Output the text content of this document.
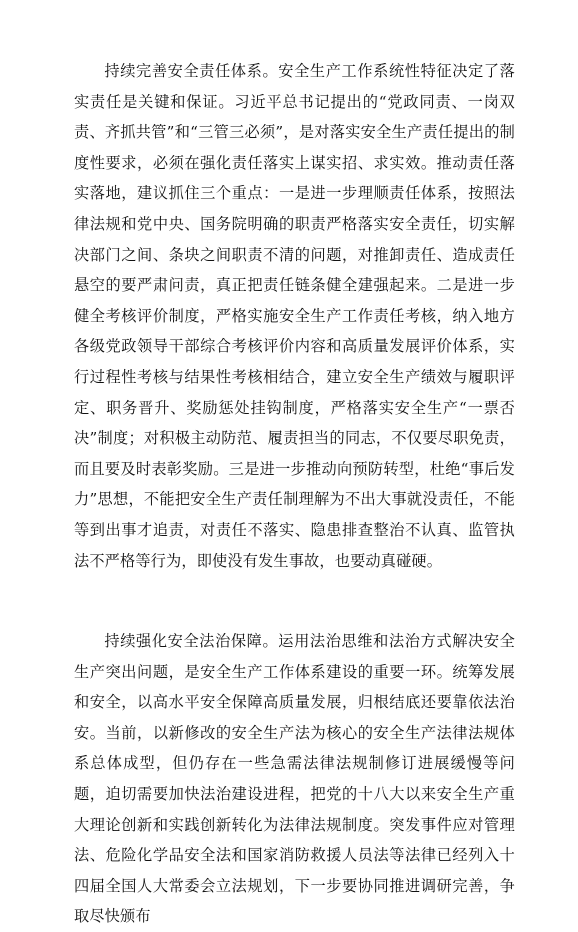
持续完善安全责任体系。安全生产工作系统性特征决定了落实责任是关键和保证。习近平总书记提出的“党政同责、一岗双责、齐抓共管”和“三管三必须”，是对落实安全生产责任提出的制度性要求，必须在强化责任落实上谋实招、求实效。推动责任落实落地，建议抓住三个重点：一是进一步理顺责任体系，按照法律法规和党中央、国务院明确的职责严格落实安全责任，切实解决部门之间、条块之间职责不清的问题，对推卸责任、造成责任悬空的要严肃问责，真正把责任链条健全建强起来。二是进一步健全考核评价制度，严格实施安全生产工作责任考核，纳入地方各级党政领导干部综合考核评价内容和高质量发展评价体系，实行过程性考核与结果性考核相结合，建立安全生产绩效与履职评定、职务晋升、奖励惩处挂钩制度，严格落实安全生产“一票否决”制度；对积极主动防范、履责担当的同志，不仅要尽职免责，而且要及时表彰奖励。三是进一步推动向预防转型，杜绝“事后发力”思想，不能把安全生产责任制理解为不出大事就没责任，不能等到出事才追责，对责任不落实、隐患排查整治不认真、监管执法不严格等行为，即使没有发生事故，也要动真碰硬。

持续强化安全法治保障。运用法治思维和法治方式解决安全生产突出问题，是安全生产工作体系建设的重要一环。统筹发展和安全，以高水平安全保障高质量发展，归根结底还要靠依法治安。当前，以新修改的安全生产法为核心的安全生产法律法规体系总体成型，但仍存在一些急需法律法规制修订进展缓慢等问题，迫切需要加快法治建设进程，把党的十八大以来安全生产重大理论创新和实践创新转化为法律法规制度。突发事件应对管理法、危险化学品安全法和国家消防救援人员法等法律已经列入十四届全国人大常委会立法规划，下一步要协同推进调研完善，争取尽快颁布
